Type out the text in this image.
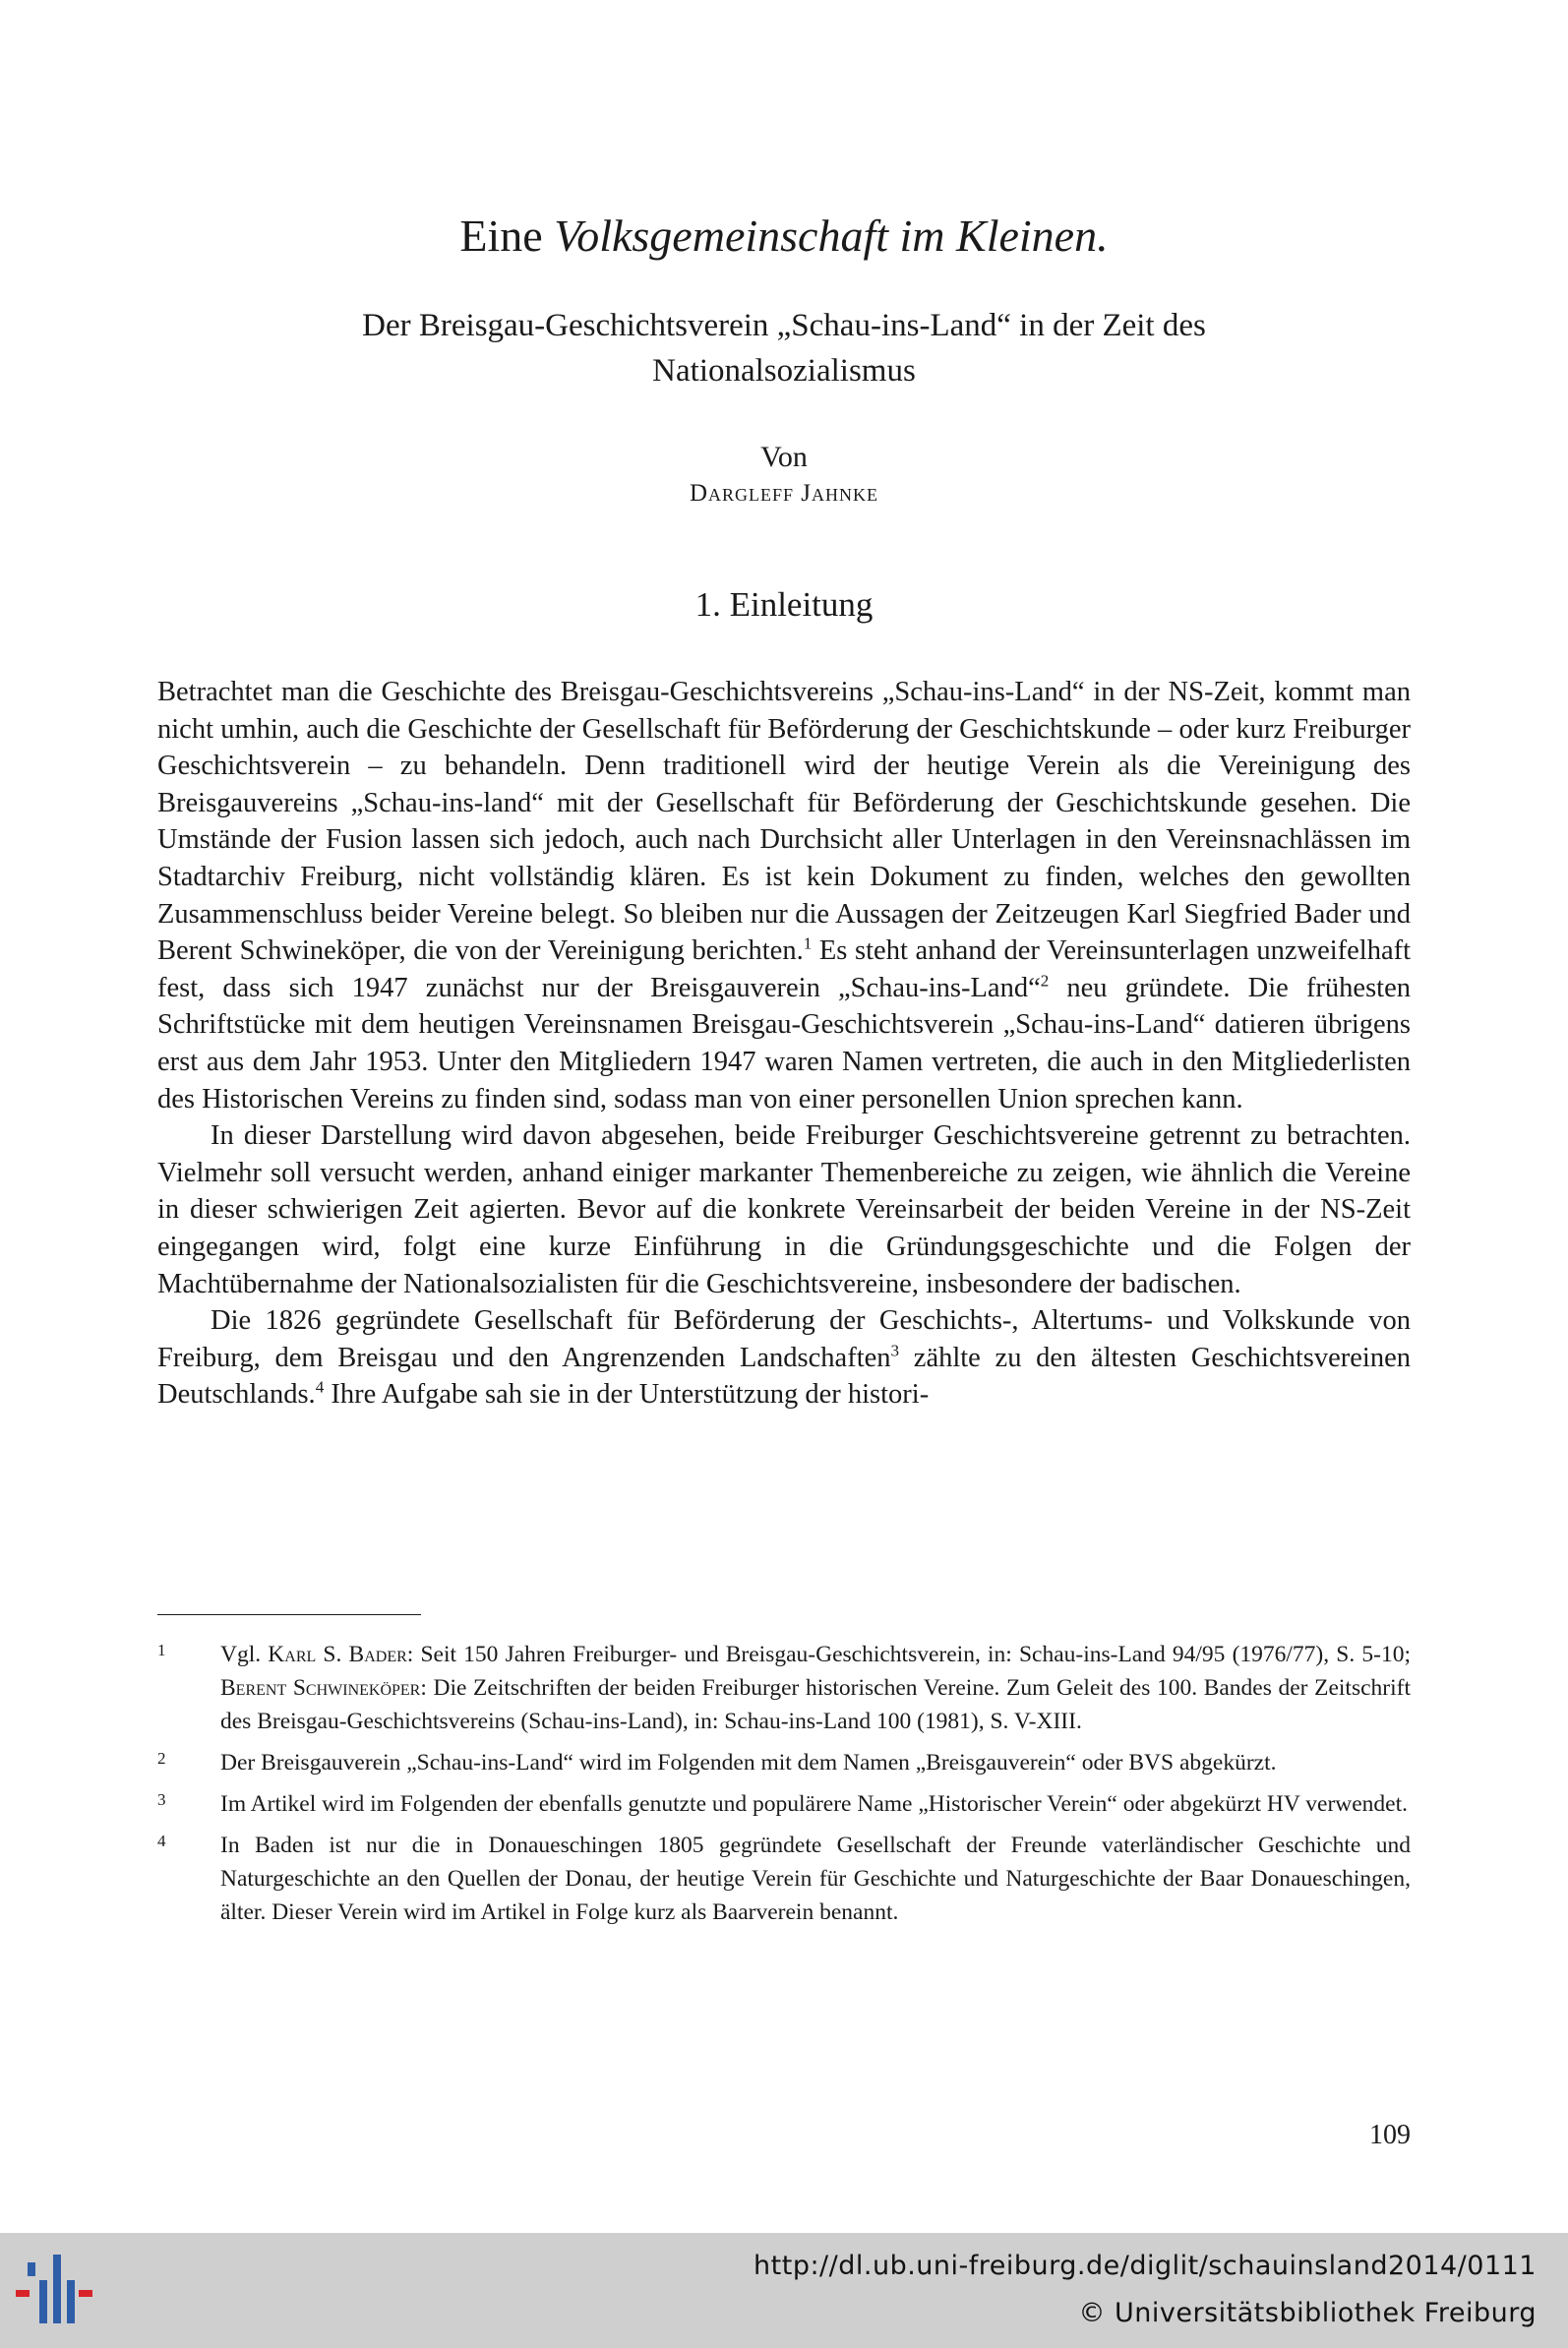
Eine Volksgemeinschaft im Kleinen.
Der Breisgau-Geschichtsverein „Schau-ins-Land“ in der Zeit des Nationalsozialismus
Von
Dargleff Jahnke
1. Einleitung

Betrachtet man die Geschichte des Breisgau-Geschichtsvereins „Schau-ins-Land“ in der NS-Zeit, kommt man nicht umhin, auch die Geschichte der Gesellschaft für Beförderung der Geschichtskunde – oder kurz Freiburger Geschichtsverein – zu behandeln. Denn traditionell wird der heutige Verein als die Vereinigung des Breisgauvereins „Schau-ins-land“ mit der Gesellschaft für Beförderung der Geschichtskunde gesehen. Die Umstände der Fusion lassen sich jedoch, auch nach Durchsicht aller Unterlagen in den Vereinsnachlässen im Stadtarchiv Freiburg, nicht vollständig klären. Es ist kein Dokument zu finden, welches den gewollten Zusammenschluss beider Vereine belegt. So bleiben nur die Aussagen der Zeitzeugen Karl Siegfried Bader und Berent Schwineköper, die von der Vereinigung berichten.$^1$ Es steht anhand der Vereinsunterlagen unzweifelhaft fest, dass sich 1947 zunächst nur der Breisgauverein „Schau-ins-Land“$^2$ neu gründete. Die frühesten Schriftstücke mit dem heutigen Vereinsnamen Breisgau-Geschichtsverein „Schau-ins-Land“ datieren übrigens erst aus dem Jahr 1953. Unter den Mitgliedern 1947 waren Namen vertreten, die auch in den Mitgliederlisten des Historischen Vereins zu finden sind, sodass man von einer personellen Union sprechen kann.

In dieser Darstellung wird davon abgesehen, beide Freiburger Geschichtsvereine getrennt zu betrachten. Vielmehr soll versucht werden, anhand einiger markanter Themenbereiche zu zeigen, wie ähnlich die Vereine in dieser schwierigen Zeit agierten. Bevor auf die konkrete Vereinsarbeit der beiden Vereine in der NS-Zeit eingegangen wird, folgt eine kurze Einführung in die Gründungsgeschichte und die Folgen der Machtübernahme der Nationalsozialisten für die Geschichtsvereine, insbesondere der badischen.

Die 1826 gegründete Gesellschaft für Beförderung der Geschichts-, Altertums- und Volkskunde von Freiburg, dem Breisgau und den Angrenzenden Landschaften$^3$ zählte zu den ältesten Geschichtsvereinen Deutschlands.$^4$ Ihre Aufgabe sah sie in der Unterstützung der histori-

1	Vgl. Karl S. Bader: Seit 150 Jahren Freiburger- und Breisgau-Geschichtsverein, in: Schau-ins-Land 94/95 (1976/77), S. 5-10; Berent Schwineköper: Die Zeitschriften der beiden Freiburger historischen Vereine. Zum Geleit des 100. Bandes der Zeitschrift des Breisgau-Geschichtsvereins (Schau-ins-Land), in: Schau-ins-Land 100 (1981), S. V-XIII.
2	Der Breisgauverein „Schau-ins-Land“ wird im Folgenden mit dem Namen „Breisgauverein“ oder BVS abgekürzt.
3	Im Artikel wird im Folgenden der ebenfalls genutzte und populärere Name „Historischer Verein“ oder abgekürzt HV verwendet.
4	In Baden ist nur die in Donaueschingen 1805 gegründete Gesellschaft der Freunde vaterländischer Geschichte und Naturgeschichte an den Quellen der Donau, der heutige Verein für Geschichte und Naturgeschichte der Baar Donaueschingen, älter. Dieser Verein wird im Artikel in Folge kurz als Baarverein benannt.
109
http://dl.ub.uni-freiburg.de/diglit/schauinsland2014/0111
© Universitätsbibliothek Freiburg
